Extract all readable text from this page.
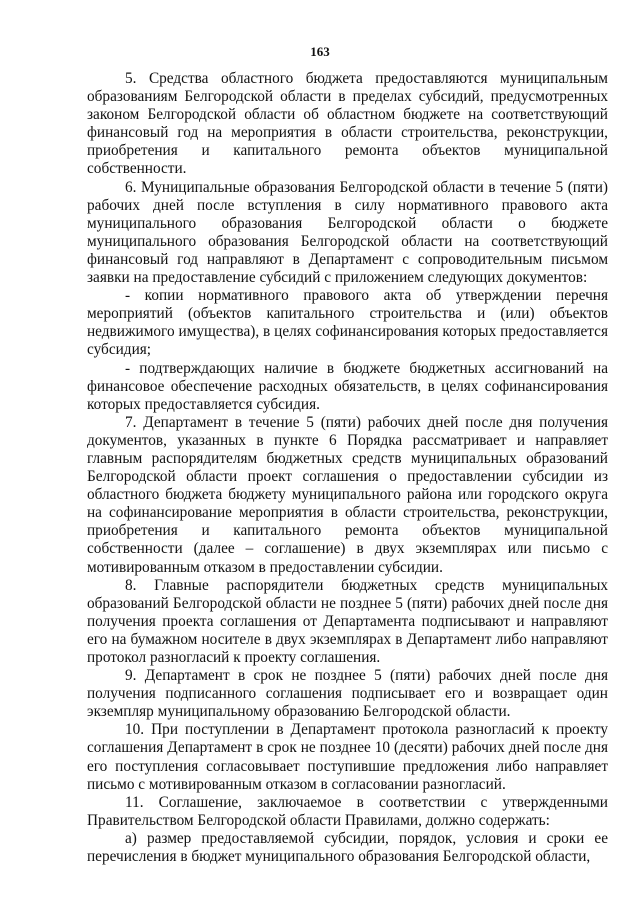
163

5. Средства областного бюджета предоставляются муниципальным образованиям Белгородской области в пределах субсидий, предусмотренных законом Белгородской области об областном бюджете на соответствующий финансовый год на мероприятия в области строительства, реконструкции, приобретения и капитального ремонта объектов муниципальной собственности.

6. Муниципальные образования Белгородской области в течение 5 (пяти) рабочих дней после вступления в силу нормативного правового акта муниципального образования Белгородской области о бюджете муниципального образования Белгородской области на соответствующий финансовый год направляют в Департамент с сопроводительным письмом заявки на предоставление субсидий с приложением следующих документов:

- копии нормативного правового акта об утверждении перечня мероприятий (объектов капитального строительства и (или) объектов недвижимого имущества), в целях софинансирования которых предоставляется субсидия;

- подтверждающих наличие в бюджете бюджетных ассигнований на финансовое обеспечение расходных обязательств, в целях софинансирования которых предоставляется субсидия.

7. Департамент в течение 5 (пяти) рабочих дней после дня получения документов, указанных в пункте 6 Порядка рассматривает и направляет главным распорядителям бюджетных средств муниципальных образований Белгородской области проект соглашения о предоставлении субсидии из областного бюджета бюджету муниципального района или городского округа на софинансирование мероприятия в области строительства, реконструкции, приобретения и капитального ремонта объектов муниципальной собственности (далее – соглашение) в двух экземплярах или письмо с мотивированным отказом в предоставлении субсидии.

8. Главные распорядители бюджетных средств муниципальных образований Белгородской области не позднее 5 (пяти) рабочих дней после дня получения проекта соглашения от Департамента подписывают и направляют его на бумажном носителе в двух экземплярах в Департамент либо направляют протокол разногласий к проекту соглашения.

9. Департамент в срок не позднее 5 (пяти) рабочих дней после дня получения подписанного соглашения подписывает его и возвращает один экземпляр муниципальному образованию Белгородской области.

10. При поступлении в Департамент протокола разногласий к проекту соглашения Департамент в срок не позднее 10 (десяти) рабочих дней после дня его поступления согласовывает поступившие предложения либо направляет письмо с мотивированным отказом в согласовании разногласий.

11. Соглашение, заключаемое в соответствии с утвержденными Правительством Белгородской области Правилами, должно содержать:

а) размер предоставляемой субсидии, порядок, условия и сроки ее перечисления в бюджет муниципального образования Белгородской области,
